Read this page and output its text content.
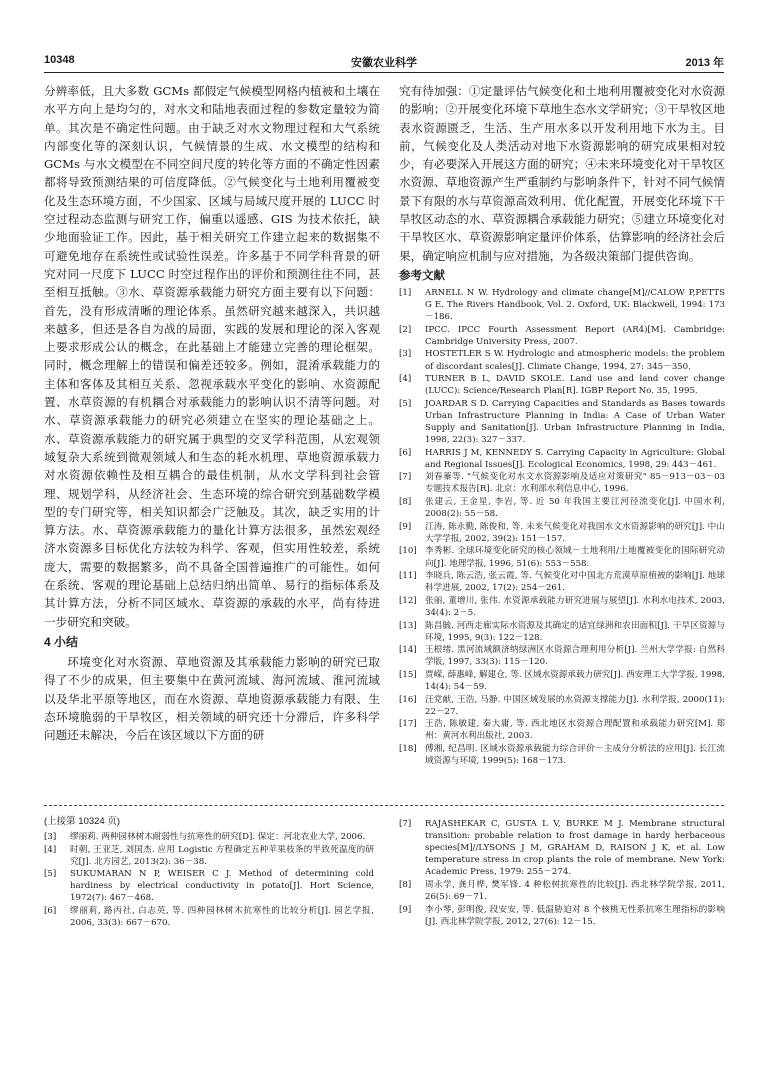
10348	安徽农业科学	2013 年

分辨率低，且大多数 GCMs 都假定气候模型网格内植被和土壤在水平方向上是均匀的，对水文和陆地表面过程的参数定量较为简单。其次是不确定性问题。由于缺乏对水文物理过程和大气系统内部变化等的深刻认识，气候情景的生成、水文模型的结构和 GCMs 与水文模型在不同空间尺度的转化等方面的不确定性因素都将导致预测结果的可信度降低。②气候变化与土地利用覆被变化及生态环境方面，不少国家、区域与局域尺度开展的 LUCC 时空过程动态监测与研究工作，偏重以遥感、GIS 为技术依托，缺少地面验证工作。因此，基于相关研究工作建立起来的数据集不可避免地存在系统性或试验性误差。许多基于不同学科背景的研究对同一尺度下 LUCC 时空过程作出的评价和预测往往不同，甚至相互抵触。③水、草资源承载能力研究方面主要有以下问题：首先，没有形成清晰的理论体系。虽然研究越来越深入，共识越来越多，但还是各自为战的局面，实践的发展和理论的深入客观上要求形成公认的概念，在此基础上才能建立完善的理论框架。同时，概念理解上的错误和偏差还较多。例如，混淆承载能力的主体和客体及其相互关系、忽视承载水平变化的影响、水资源配置、水草资源的有机耦合对承载能力的影响认识不清等问题。对水、草资源承载能力的研究必须建立在坚实的理论基础之上。水、草资源承载能力的研究属于典型的交叉学科范围，从宏观领域复杂大系统到微观领域人和生态的耗水机理、草地资源承载力对水资源依赖性及相互耦合的最佳机制，从水文学科到社会管理、规划学科，从经济社会、生态环境的综合研究到基础数学模型的专门研究等，相关知识都会广泛触及。其次，缺乏实用的计算方法。水、草资源承载能力的量化计算方法很多，虽然宏观经济水资源多目标优化方法较为科学、客观，但实用性较差，系统庞大，需要的数据繁多，尚不具备全国普遍推广的可能性。如何在系统、客观的理论基础上总结归纳出简单、易行的指标体系及其计算方法，分析不同区域水、草资源的承载的水平，尚有待进一步研究和突破。

4 小结

环境变化对水资源、草地资源及其承载能力影响的研究已取得了不少的成果，但主要集中在黄河流域、海河流域、淮河流域以及华北平原等地区，而在水资源、草地资源承载能力有限、生态环境脆弱的干旱牧区，相关领域的研究还十分滞后，许多科学问题还未解决，今后在该区域以下方面的研

究有待加强：①定量评估气候变化和土地利用覆被变化对水资源的影响；②开展变化环境下草地生态水文学研究；③干旱牧区地表水资源匮乏，生活、生产用水多以开发利用地下水为主。目前，气候变化及人类活动对地下水资源影响的研究成果相对较少，有必要深入开展这方面的研究；④未来环境变化对干旱牧区水资源、草地资源产生严重制约与影响条件下，针对不同气候情景下有限的水与草资源高效利用、优化配置，开展变化环境下干旱牧区动态的水、草资源耦合承载能力研究；⑤建立环境变化对干旱牧区水、草资源影响定量评价体系，估算影响的经济社会后果，确定响应机制与应对措施，为各级决策部门提供咨询。

参考文献
[1]	ARNELL N W. Hydrology and climate change[M]//CALOW P,PETTS G E. The Rivers Handbook, Vol. 2. Oxford, UK: Blackwell, 1994: 173－186.
[2]	IPCC. IPCC Fourth Assessment Report (AR4)[M]. Cambridge: Cambridge University Press, 2007.
[3]	HOSTETLER S W. Hydrologic and atmospheric models: the problem of discordant scales[J]. Climate Change, 1994, 27: 345－350.
[4]	TURNER B L, DAVID SKOLE. Land use and land cover change (LUCC): Science/Research Plan[R]. IGBP Report No. 35, 1995.
[5]	JOARDAR S D. Carrying Capacities and Standards as Bases towards Urban Infrastructure Planning in India: A Case of Urban Water Supply and Sanitation[J]. Urban Infrastructure Planning in India, 1998, 22(3): 327－337.
[6]	HARRIS J M, KENNEDY S. Carrying Capacity in Agriculture: Global and Regional Issues[J]. Ecological Economics, 1998, 29: 443－461.
[7]	刘春蓁等. "气候变化对水文水资源影响及适应对策研究" 85－913－03－03 专题技术报告[R]. 北京：水利部水利信息中心, 1996.
[8]	张建云, 王金星, 李岩, 等. 近 50 年我国主要江河径流变化[J]. 中国水利, 2008(2): 55－58.
[9]	江涛, 陈永勤, 陈俊和, 等. 未来气候变化对我国水文水资源影响的研究[J]. 中山大学学报, 2002, 39(2): 151－157.
[10] 李秀彬. 全球环境变化研究的核心领域－土地利用/土地覆被变化的国际研究动向[J]. 地理学报, 1996, 51(6): 553－558.
[11] 李晓兵, 陈云浩, 张云霞, 等. 气候变化对中国北方荒漠草原植被的影响[J]. 地球科学进展, 2002, 17(2): 254－261.
[12] 张丽, 董增川, 张伟. 水资源承载能力研究进展与展望[J]. 水利水电技术, 2003, 34(4): 2－5.
[13] 陈昌毓. 河西走廊实际水资源及其确定的适宜绿洲和农田面积[J]. 干旱区资源与环境, 1995, 9(3): 122－128.
[14] 王根绪. 黑河流域额济纳绿洲区水资源合理利用分析[J]. 兰州大学学报: 自然科学版, 1997, 33(3): 115－120.
[15] 贾嵘, 薛惠峰, 解建仓, 等. 区域水资源承载力研究[J]. 西安理工大学学报, 1998, 14(4): 54－59.
[16] 汪党献, 王浩, 马静. 中国区域发展的水资源支撑能力[J]. 水利学报, 2000(11): 22－27.
[17] 王浩, 陈敏建, 秦大庸, 等. 西北地区水资源合理配置和承载能力研究[M]. 郑州：黄河水利出版社, 2003.
[18] 傅湘, 纪昌明. 区域水资源承载能力综合评价－主成分分析法的应用[J]. 长江流域资源与环境, 1999(5): 168－173.
(上接第 10324 页)
[3]	缪丽莉. 两种园林树木耐弱性与抗寒性的研究[D]. 保定：河北农业大学, 2006.
[4]	时朝, 王亚芝, 刘国杰. 应用 Logistic 方程确定五种苹果枝条的半致死温度的研究[J]. 北方园艺, 2013(2): 36－38.
[5]	SUKUMARAN N P, WEISER C J. Method of determining cold hardiness by electrical conductivity in potato[J]. Hort Science, 1972(7): 467－468.
[6]	缪丽莉, 路丙社, 白志英, 等. 四种园林树木抗寒性的比较分析[J]. 园艺学报, 2006, 33(3): 667－670.
[7]	RAJASHEKAR C, GUSTA L V, BURKE M J. Membrane structural transition: probable relation to frost damage in hardy herbaceous species[M]//LYSONS J M, GRAHAM D, RAISON J K, et al. Low temperature stress in crop plants the role of membrane. New York: Academic Press, 1979: 255－274.
[8]	周永学, 龚月桦, 樊军锋. 4 种松树抗寒性的比较[J]. 西北林学院学报, 2011, 26(5): 69－71.
[9]	李小琴, 彭明俊, 段安安, 等. 低温胁迫对 8 个核桃无性系抗寒生理指标的影响[J]. 西北林学院学报, 2012, 27(6): 12－15.
